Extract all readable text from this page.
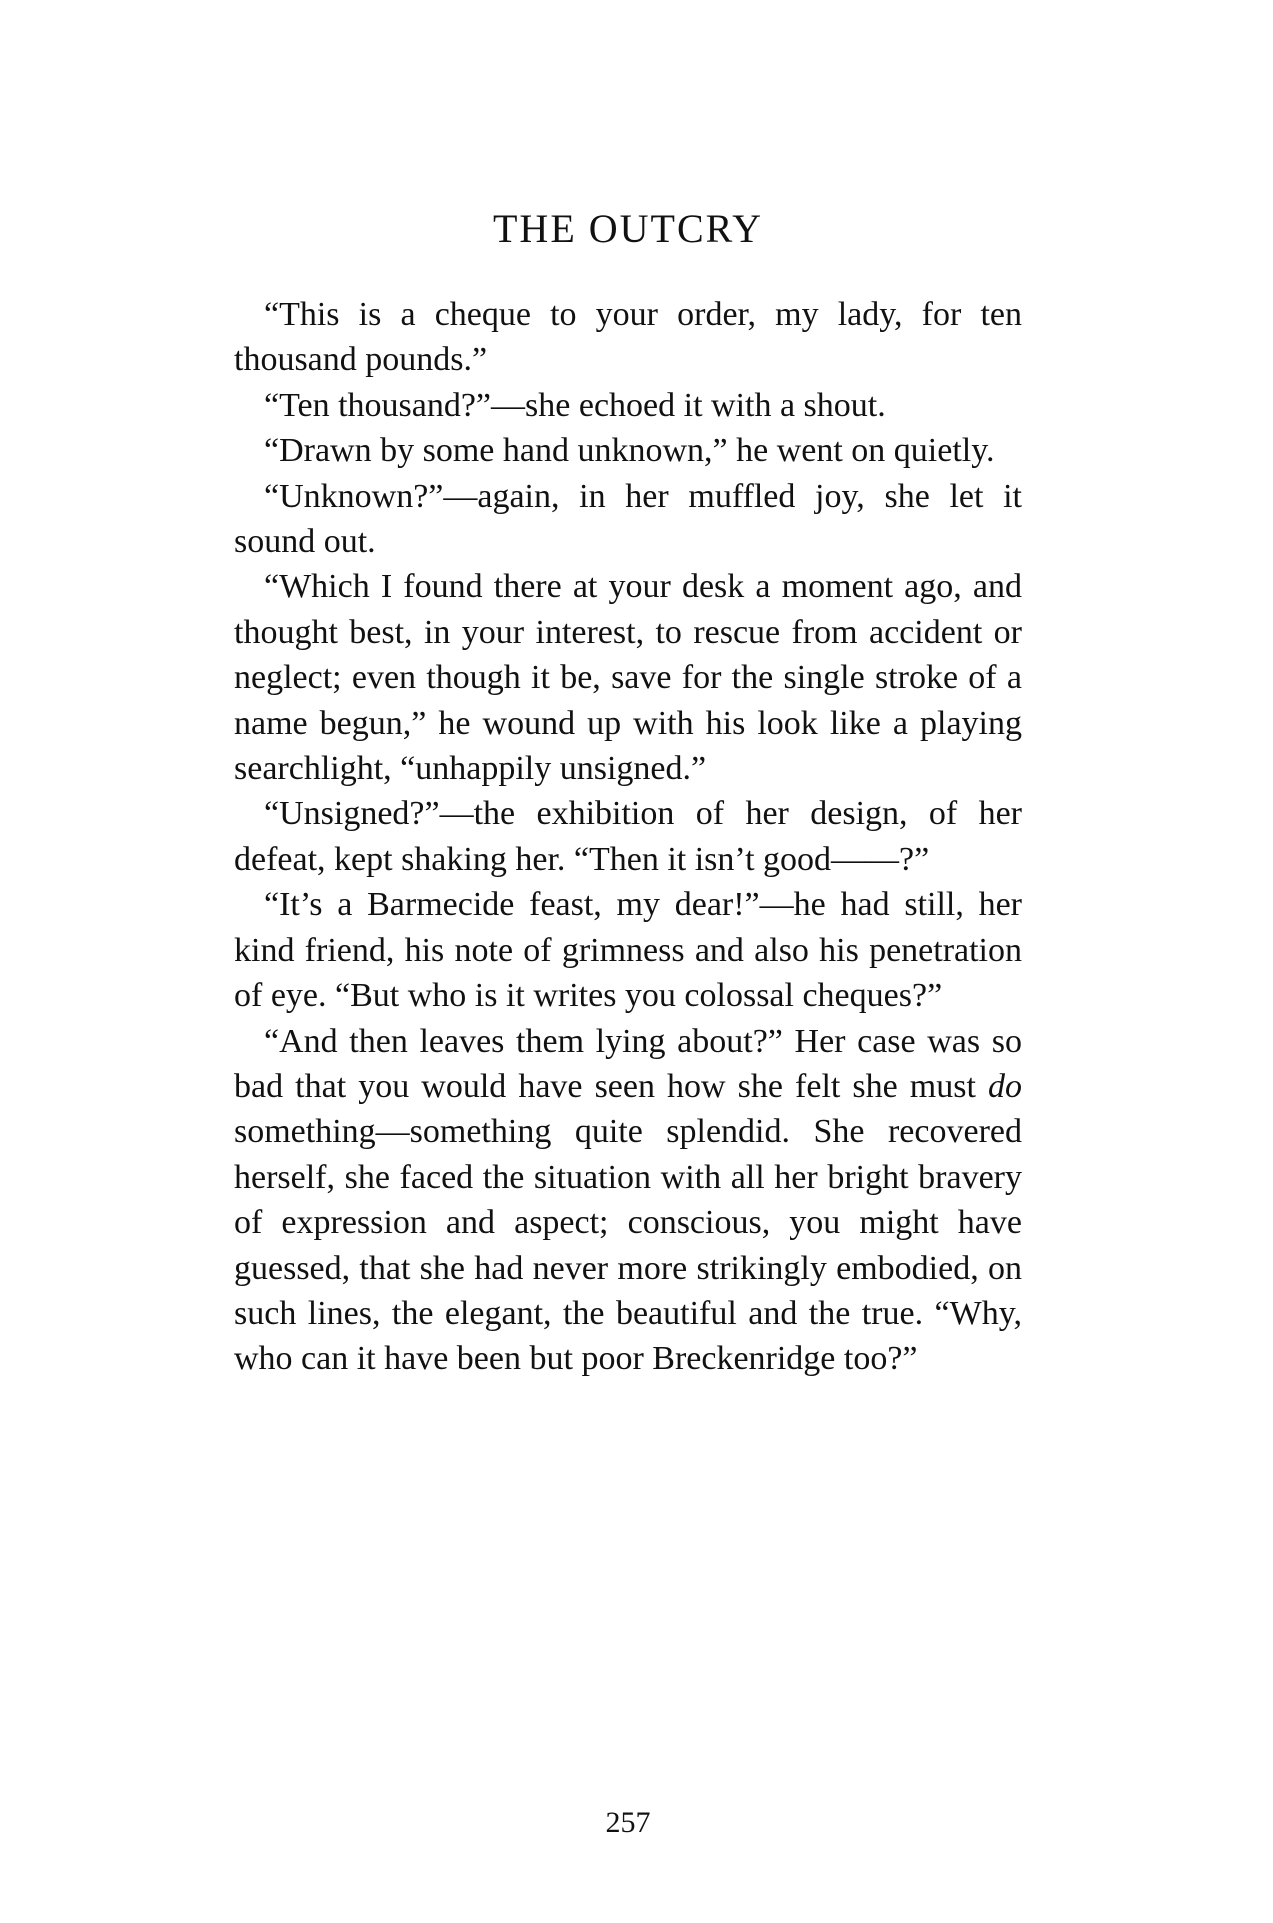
THE OUTCRY

“This is a cheque to your order, my lady, for ten thousand pounds.”

“Ten thousand?”—she echoed it with a shout.

“Drawn by some hand unknown,” he went on quietly.

“Unknown?”—again, in her muffled joy, she let it sound out.

“Which I found there at your desk a moment ago, and thought best, in your interest, to rescue from accident or neglect; even though it be, save for the single stroke of a name begun,” he wound up with his look like a playing searchlight, “unhappily unsigned.”

“Unsigned?”—the exhibition of her design, of her defeat, kept shaking her. “Then it isn’t good——?”

“It’s a Barmecide feast, my dear!”—he had still, her kind friend, his note of grimness and also his penetration of eye. “But who is it writes you colossal cheques?”

“And then leaves them lying about?” Her case was so bad that you would have seen how she felt she must do something—something quite splendid. She recovered herself, she faced the situation with all her bright bravery of expression and aspect; conscious, you might have guessed, that she had never more strikingly embodied, on such lines, the elegant, the beautiful and the true. “Why, who can it have been but poor Breckenridge too?”

257
